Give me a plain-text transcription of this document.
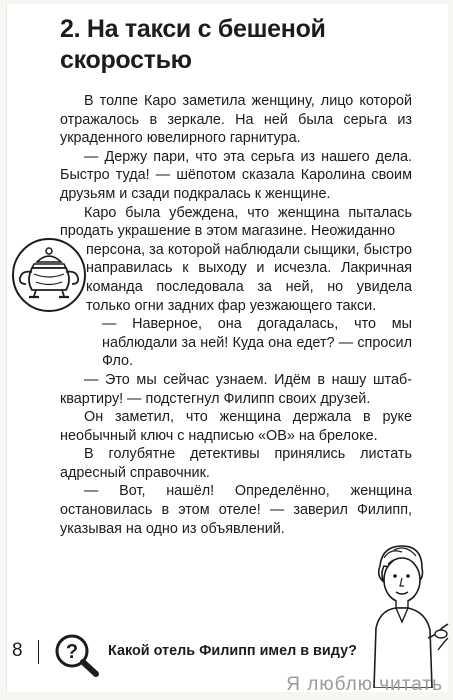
2. На такси с бешеной
скоростью

В толпе Каро заметила женщину, лицо которой отражалось в зеркале. На ней была серьга из украденного ювелирного гарнитура.

— Держу пари, что эта серьга из нашего дела. Быстро туда! — шёпотом сказала Каролина своим друзьям и сзади подкралась к женщине.

Каро была убеждена, что женщина пыталась продать украшение в этом магазине. Неожиданно

персона, за которой наблюдали сыщики, быстро направилась к выходу и исчезла. Лакричная команда последовала за ней, но увидела только огни задних фар уезжающего такси.

— Наверное, она догадалась, что мы наблюдали за ней! Куда она едет? — спросил Фло.

— Это мы сейчас узнаем. Идём в нашу штаб-квартиру! — подстегнул Филипп своих друзей.

Он заметил, что женщина держала в руке необычный ключ с надписью «ОВ» на брелоке.

В голубятне детективы принялись листать адресный справочник.

— Вот, нашёл! Определённо, женщина остановилась в этом отеле! — заверил Филипп, указывая на одно из объявлений.

8 ? Какой отель Филипп имел в виду?
Я люблю читать
